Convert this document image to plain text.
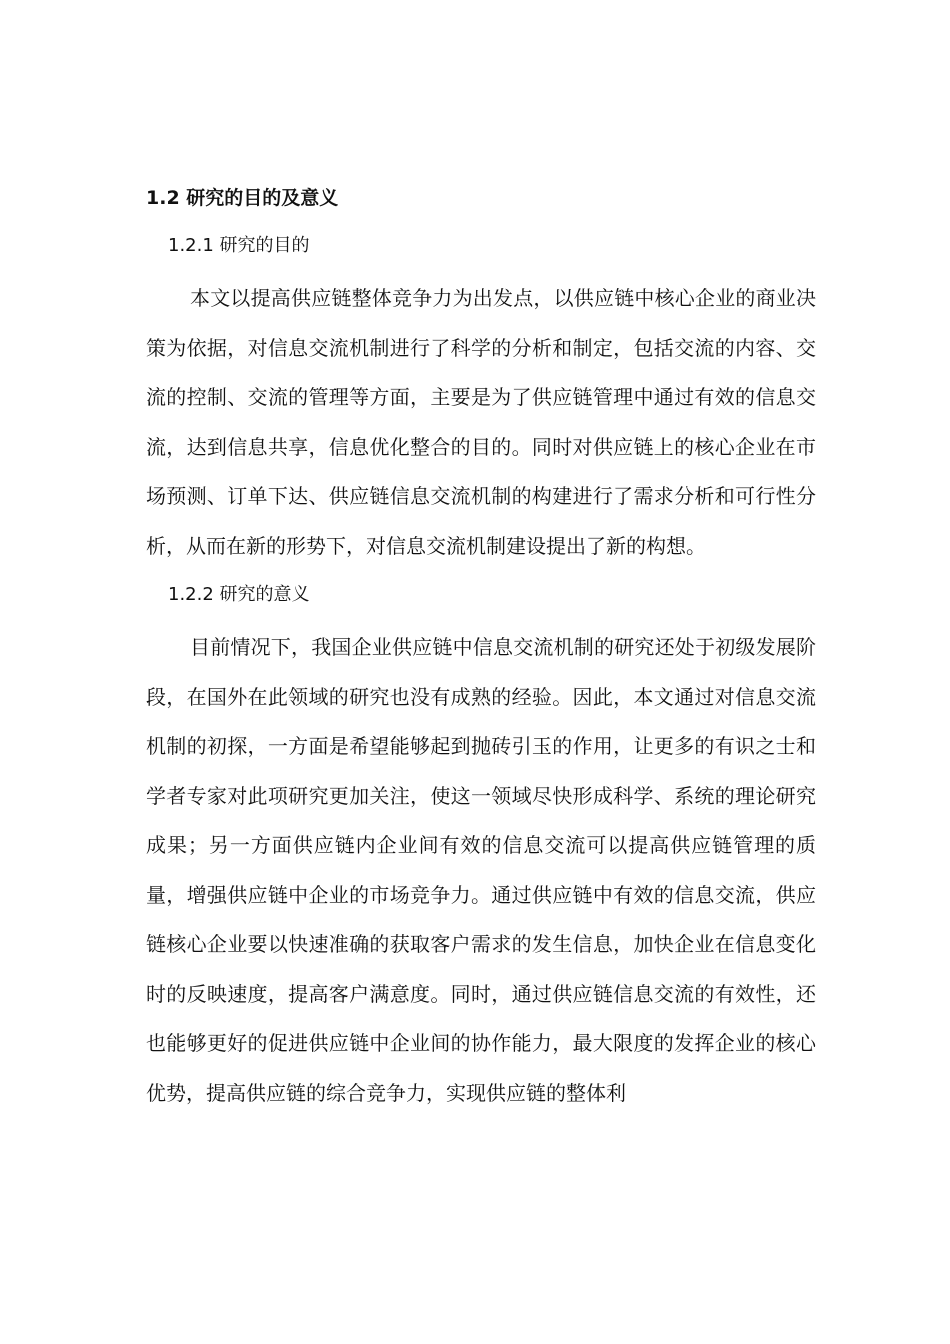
1.2 研究的目的及意义
1.2.1 研究的目的

本文以提高供应链整体竞争力为出发点，以供应链中核心企业的商业决策为依据，对信息交流机制进行了科学的分析和制定，包括交流的内容、交流的控制、交流的管理等方面，主要是为了供应链管理中通过有效的信息交流，达到信息共享，信息优化整合的目的。同时对供应链上的核心企业在市场预测、订单下达、供应链信息交流机制的构建进行了需求分析和可行性分析，从而在新的形势下，对信息交流机制建设提出了新的构想。

1.2.2 研究的意义

目前情况下，我国企业供应链中信息交流机制的研究还处于初级发展阶段，在国外在此领域的研究也没有成熟的经验。因此，本文通过对信息交流机制的初探，一方面是希望能够起到抛砖引玉的作用，让更多的有识之士和学者专家对此项研究更加关注，使这一领域尽快形成科学、系统的理论研究成果；另一方面供应链内企业间有效的信息交流可以提高供应链管理的质量，增强供应链中企业的市场竞争力。通过供应链中有效的信息交流，供应链核心企业要以快速准确的获取客户需求的发生信息，加快企业在信息变化时的反映速度，提高客户满意度。同时，通过供应链信息交流的有效性，还也能够更好的促进供应链中企业间的协作能力，最大限度的发挥企业的核心优势，提高供应链的综合竞争力，实现供应链的整体利
